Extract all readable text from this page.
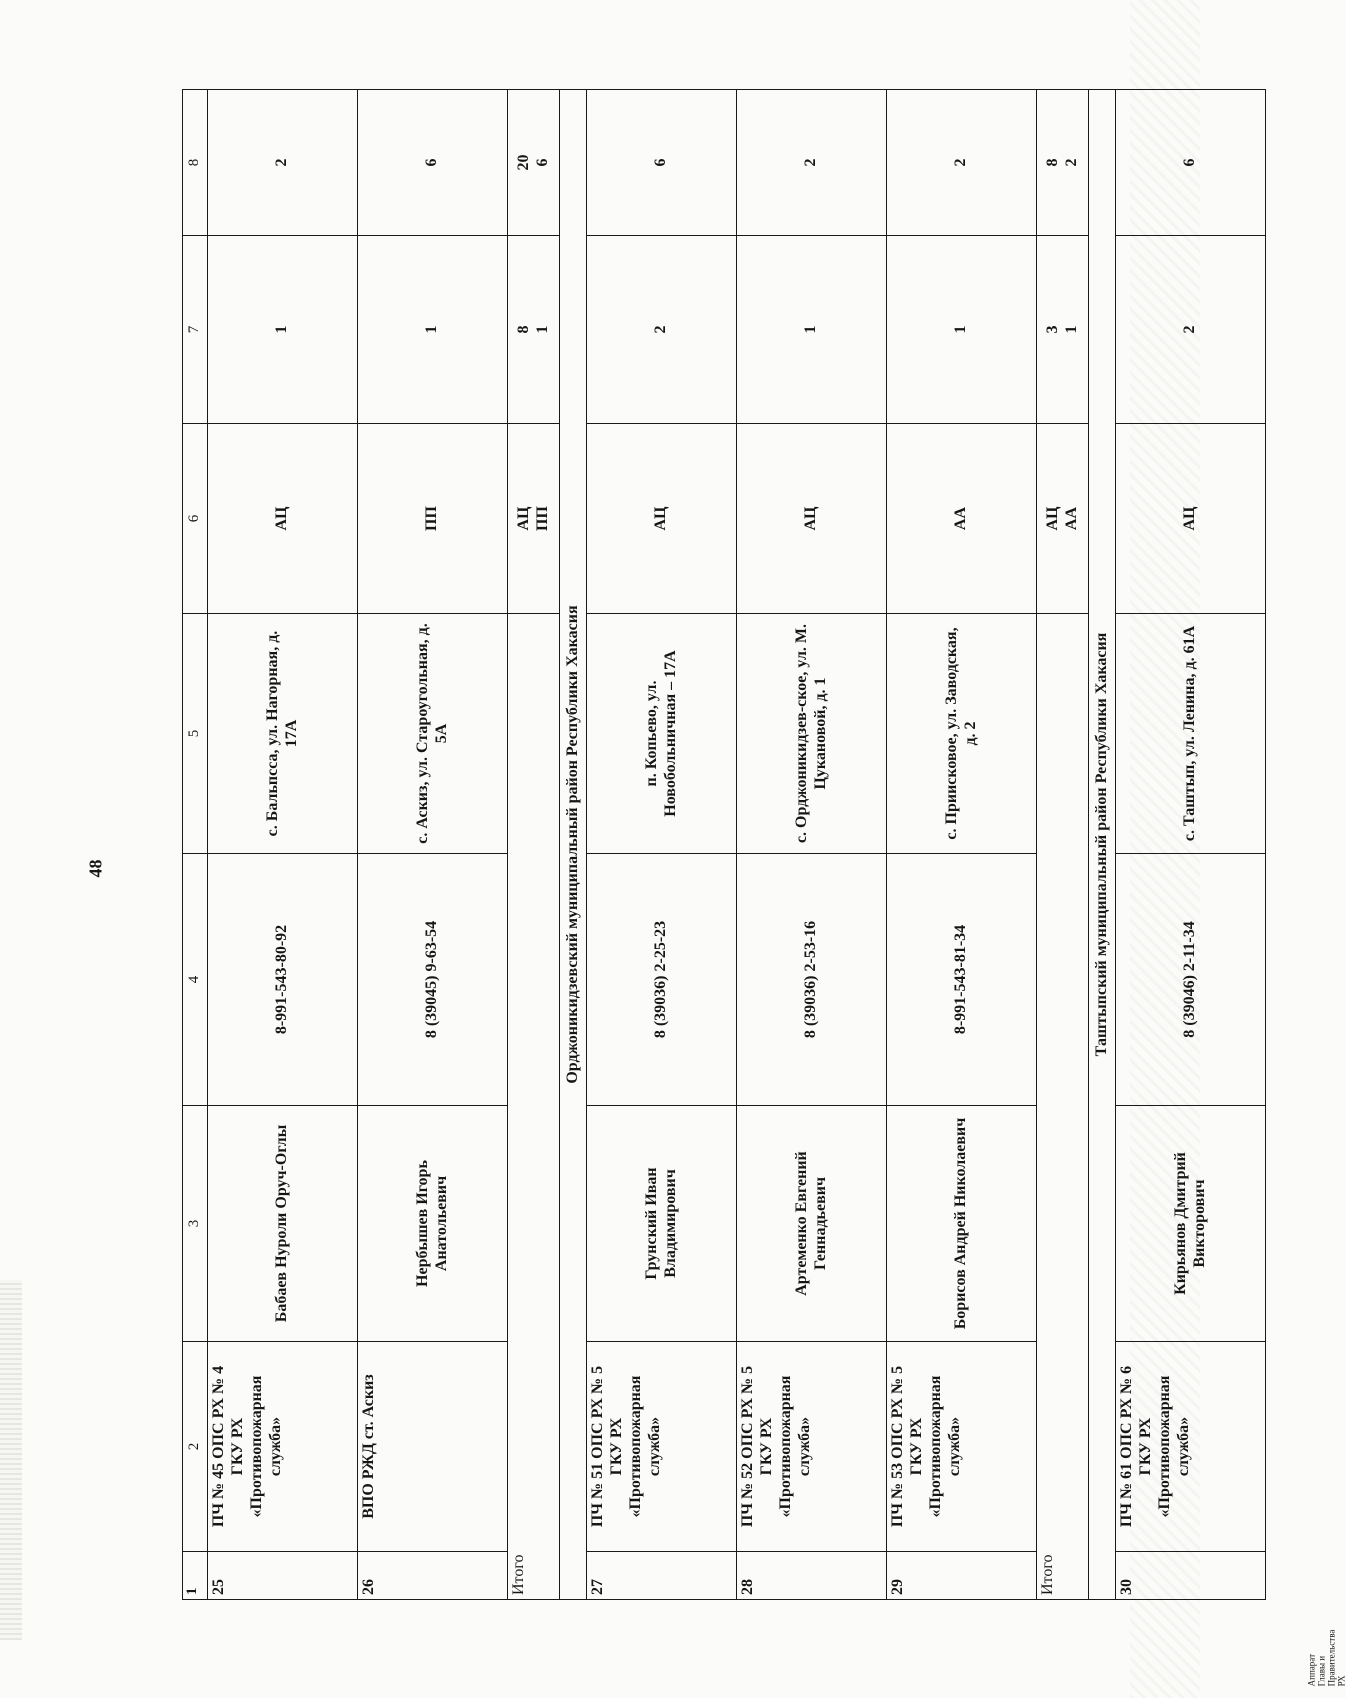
48
Аппарат Главы и Правительства РХ
1	2	3	4	5	6	7	8
25	ПЧ № 45 ОПС РХ № 4 ГКУ РХ «Противопожарная служба»	Бабаев Нуроли Оруч-Оглы	8-991-543-80-92	с. Бальпсса, ул. Нагорная, д. 17А	АЦ	1	2
26	ВПО РЖД ст. Аскиз	Нербышев Игорь Анатольевич	8 (39045) 9-63-54	с. Аскиз, ул. Староугольная, д. 5А	ПП	1	6
Итого					АЦ ПП	8 1	20 6
Орджоникидзевский муниципальный район Республики Хакасия							
27	ПЧ № 51 ОПС РХ № 5 ГКУ РХ «Противопожарная служба»	Грунский Иван Владимирович	8 (39036) 2-25-23	п. Копьево, ул. Новобольничная – 17А	АЦ	2	6
28	ПЧ № 52 ОПС РХ № 5 ГКУ РХ «Противопожарная служба»	Артеменко Евгений Геннадьевич	8 (39036) 2-53-16	с. Орджоникидзев-ское, ул. М. Цукановой, д. 1	АЦ	1	2
29	ПЧ № 53 ОПС РХ № 5 ГКУ РХ «Противопожарная служба»	Борисов Андрей Николаевич	8-991-543-81-34	с. Приисковое, ул. Заводская, д. 2	АА	1	2
Итого					АЦ АА	3 1	8 2
Таштыпский муниципальный район Республики Хакасия							
30	ПЧ № 61 ОПС РХ № 6 ГКУ РХ «Противопожарная служба»	Кирьянов Дмитрий Викторович	8 (39046) 2-11-34	с. Таштып, ул. Ленина, д. 61А	АЦ	2	6
